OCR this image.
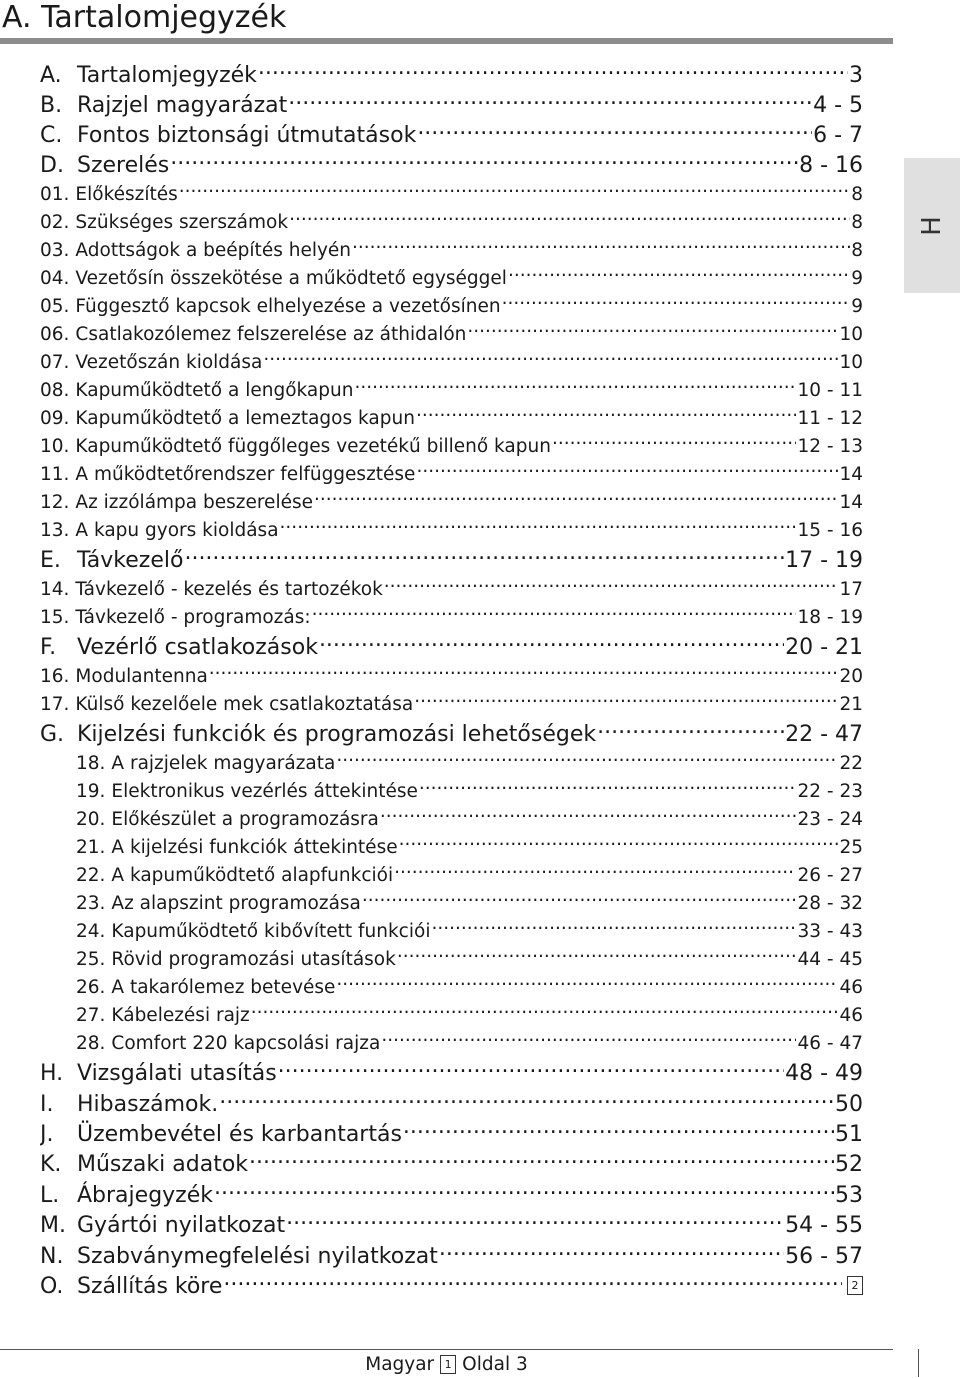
A. Tartalomjegyzék
H
A. Tartalomjegyzék .....	3
B. Rajzjel magyarázat .....	4 - 5
C. Fontos biztonsági útmutatások .....	6 - 7
D. Szerelés .....	8 - 16
01. Előkészítés .....	8
02. Szükséges szerszámok .....	8
03. Adottságok a beépítés helyén .....	8
04. Vezetősín összekötése a működtető egységgel .....	9
05. Függesztő kapcsok elhelyezése a vezetősínen .....	9
06. Csatlakozólemez felszerelése az áthidalón .....	10
07. Vezetőszán kioldása .....	10
08. Kapuműködtető a lengőkapun .....	10 - 11
09. Kapuműködtető a lemeztagos kapun .....	11 - 12
10. Kapuműködtető függőleges vezetékű billenő kapun .....	12 - 13
11. A működtetőrendszer felfüggesztése .....	14
12. Az izzólámpa beszerelése .....	14
13. A kapu gyors kioldása .....	15 - 16
E. Távkezelő .....	17 - 19
14. Távkezelő - kezelés és tartozékok .....	17
15. Távkezelő - programozás: .....	18 - 19
F. Vezérlő csatlakozások .....	20 - 21
16. Modulantenna .....	20
17. Külső kezelőele mek csatlakoztatása .....	21
G. Kijelzési funkciók és programozási lehetőségek .....	22 - 47
18. A rajzjelek magyarázata .....	22
19. Elektronikus vezérlés áttekintése .....	22 - 23
20. Előkészület a programozásra .....	23 - 24
21. A kijelzési funkciók áttekintése .....	25
22. A kapuműködtető alapfunkciói .....	26 - 27
23. Az alapszint programozása .....	28 - 32
24. Kapuműködtető kibővített funkciói .....	33 - 43
25. Rövid programozási utasítások .....	44 - 45
26. A takarólemez betevése .....	46
27. Kábelezési rajz .....	46
28. Comfort 220 kapcsolási rajza .....	46 - 47
H. Vizsgálati utasítás .....	48 - 49
I.	Hibaszámok. .....	50
J.	Üzembevétel és karbantartás .....	51
K. Műszaki adatok .....	52
L. Ábrajegyzék .....	53
M. Gyártói nyilatkozat .....	54 - 55
N. Szabványmegfelelési nyilatkozat .....	56 - 57
O. Szállítás köre .....	2
Magyar 1 Oldal 3
